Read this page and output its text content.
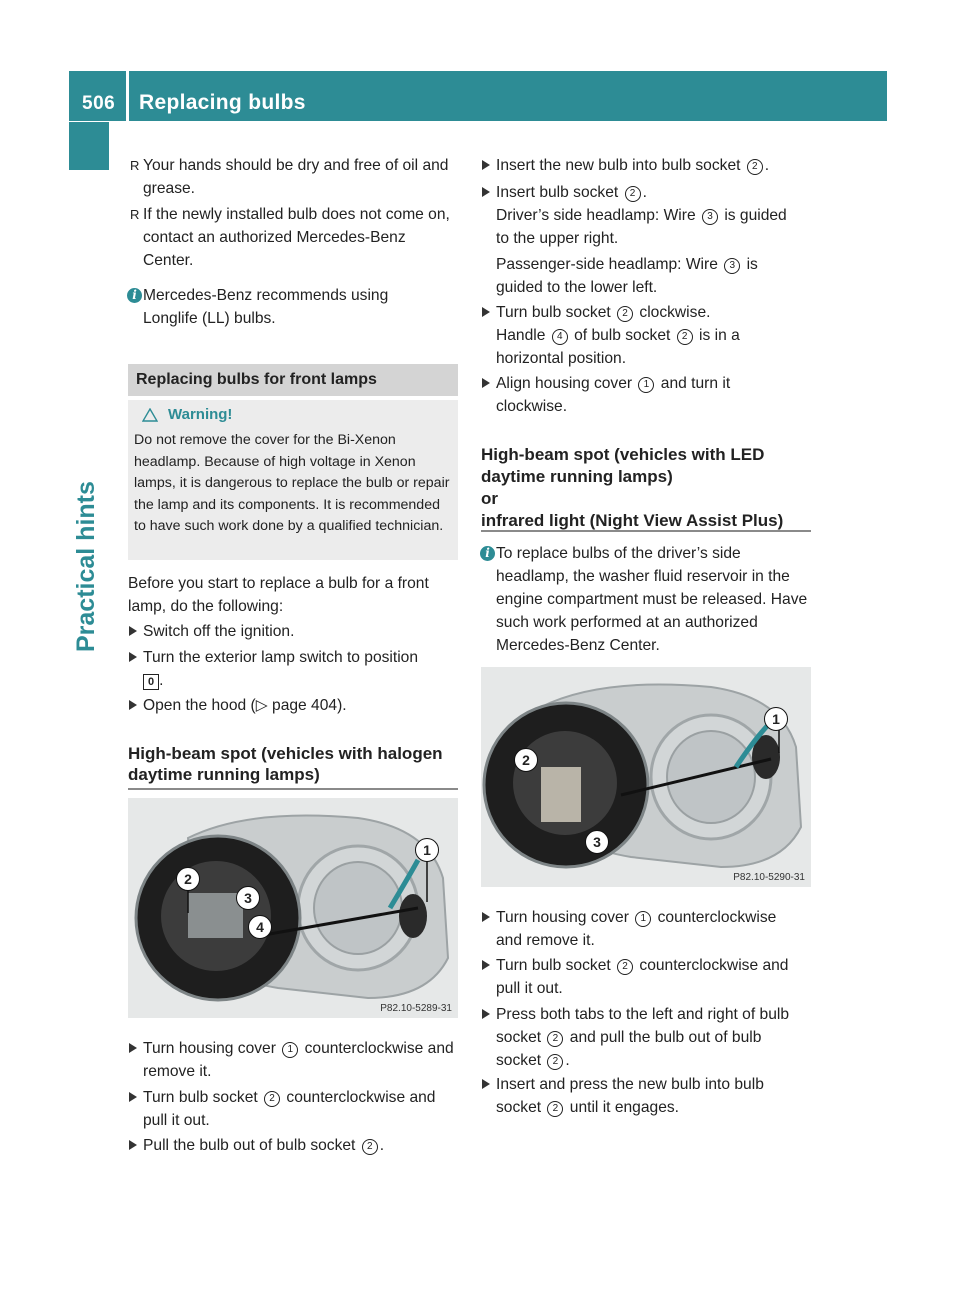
506 Replacing bulbs
Practical hints
R Your hands should be dry and free of oil and grease.
R If the newly installed bulb does not come on, contact an authorized Mercedes-Benz Center.
i Mercedes-Benz recommends using Longlife (LL) bulbs.
Replacing bulbs for front lamps
Warning!
Do not remove the cover for the Bi-Xenon headlamp. Because of high voltage in Xenon lamps, it is dangerous to replace the bulb or repair the lamp and its components. It is recommended to have such work done by a qualified technician.
Before you start to replace a bulb for a front lamp, do the following:
Switch off the ignition.
Turn the exterior lamp switch to position
0 .
Open the hood (▷ page 404).
High-beam spot (vehicles with halogen daytime running lamps)
1
2
3
4
P82.10-5289-31
Turn housing cover 1 counterclockwise and remove it.
Turn bulb socket 2 counterclockwise and pull it out.
Pull the bulb out of bulb socket 2 .
Insert the new bulb into bulb socket 2 .
Insert bulb socket 2 .
Driver’s side headlamp: Wire 3 is guided
to the upper right.

Passenger-side headlamp: Wire 3 is
guided to the lower left.
Turn bulb socket 2 clockwise.
Handle 4 of bulb socket 2 is in a
horizontal position.
Align housing cover 1 and turn it
clockwise.
High-beam spot (vehicles with LED
daytime running lamps)
or
infrared light (Night View Assist Plus)
i To replace bulbs of the driver’s side headlamp, the washer fluid reservoir in the engine compartment must be released. Have such work performed at an authorized Mercedes-Benz Center.
1
2
3
P82.10-5290-31
Turn housing cover 1 counterclockwise
and remove it.
Turn bulb socket 2 counterclockwise and
pull it out.
Press both tabs to the left and right of bulb
socket 2 and pull the bulb out of bulb
socket 2 .
Insert and press the new bulb into bulb
socket 2 until it engages.
